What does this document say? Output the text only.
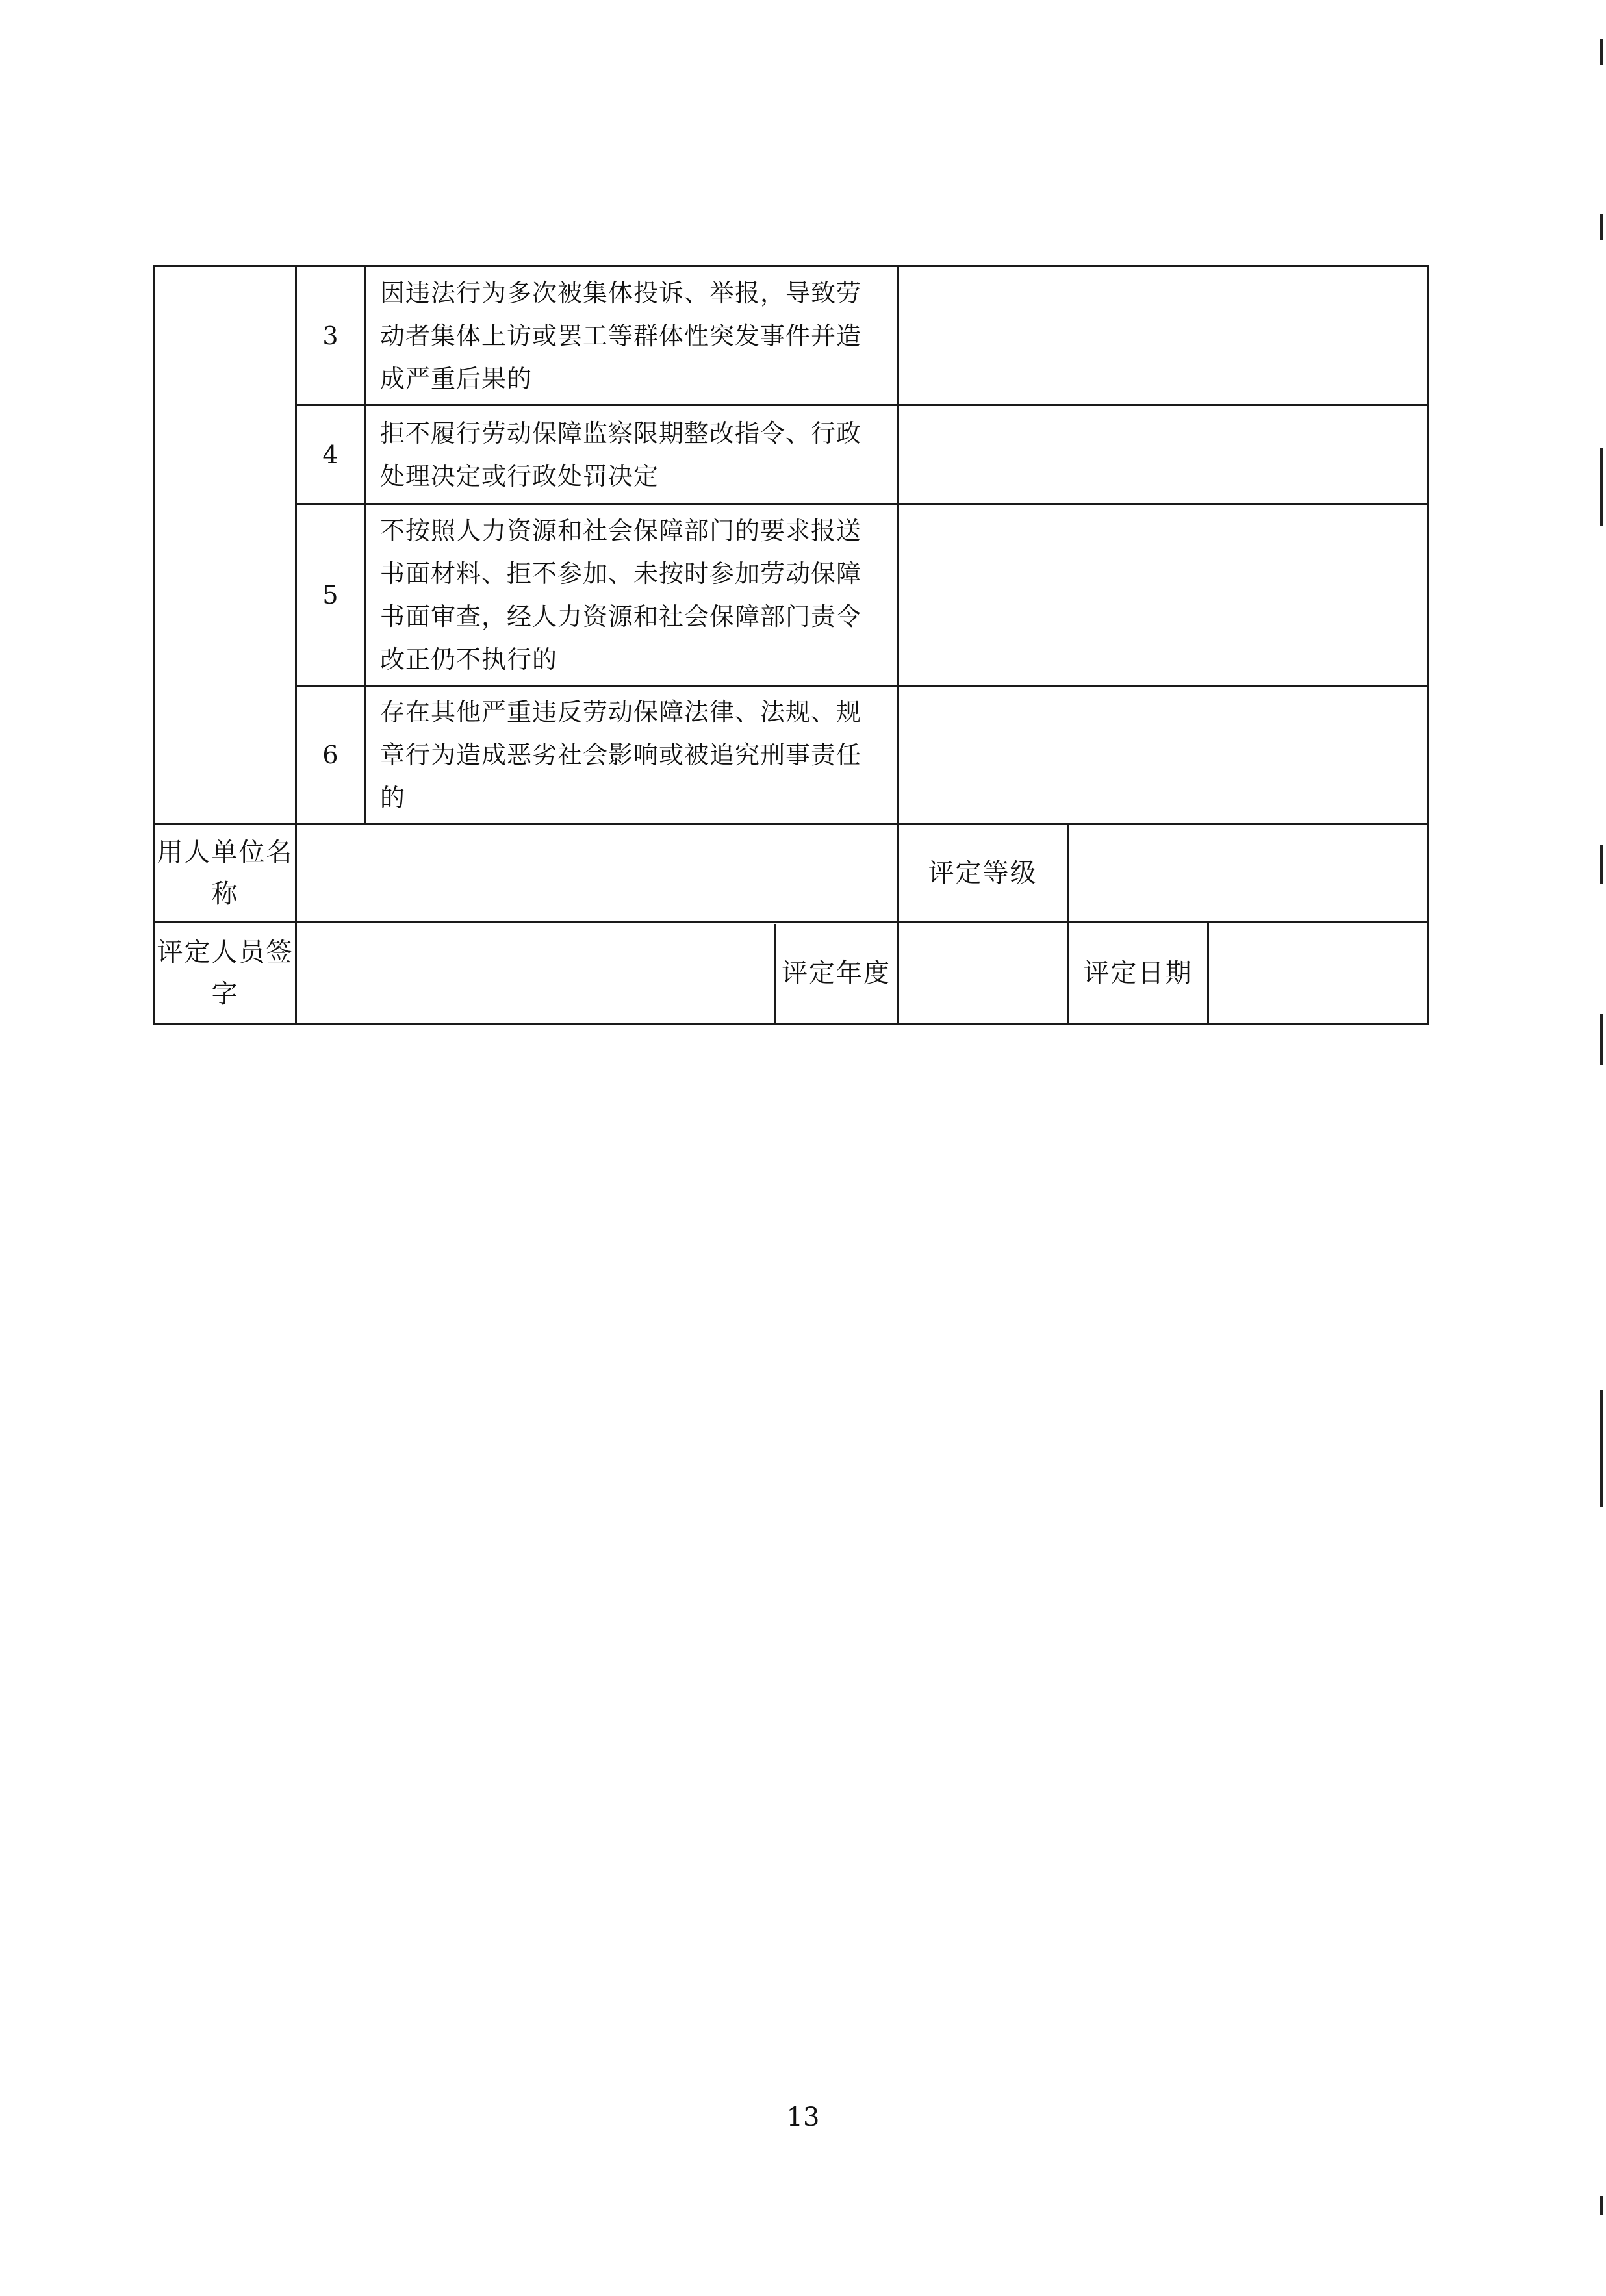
	3	因违法行为多次被集体投诉、举报，导致劳动者集体上访或罢工等群体性突发事件并造成严重后果的			
	4	拒不履行劳动保障监察限期整改指令、行政处理决定或行政处罚决定			
	5	不按照人力资源和社会保障部门的要求报送书面材料、拒不参加、未按时参加劳动保障书面审查，经人力资源和社会保障部门责令改正仍不执行的			
	6	存在其他严重违反劳动保障法律、法规、规章行为造成恶劣社会影响或被追究刑事责任的			
用人单位名称			评定等级		
评定人员签字	评定年度			评定日期	
13
